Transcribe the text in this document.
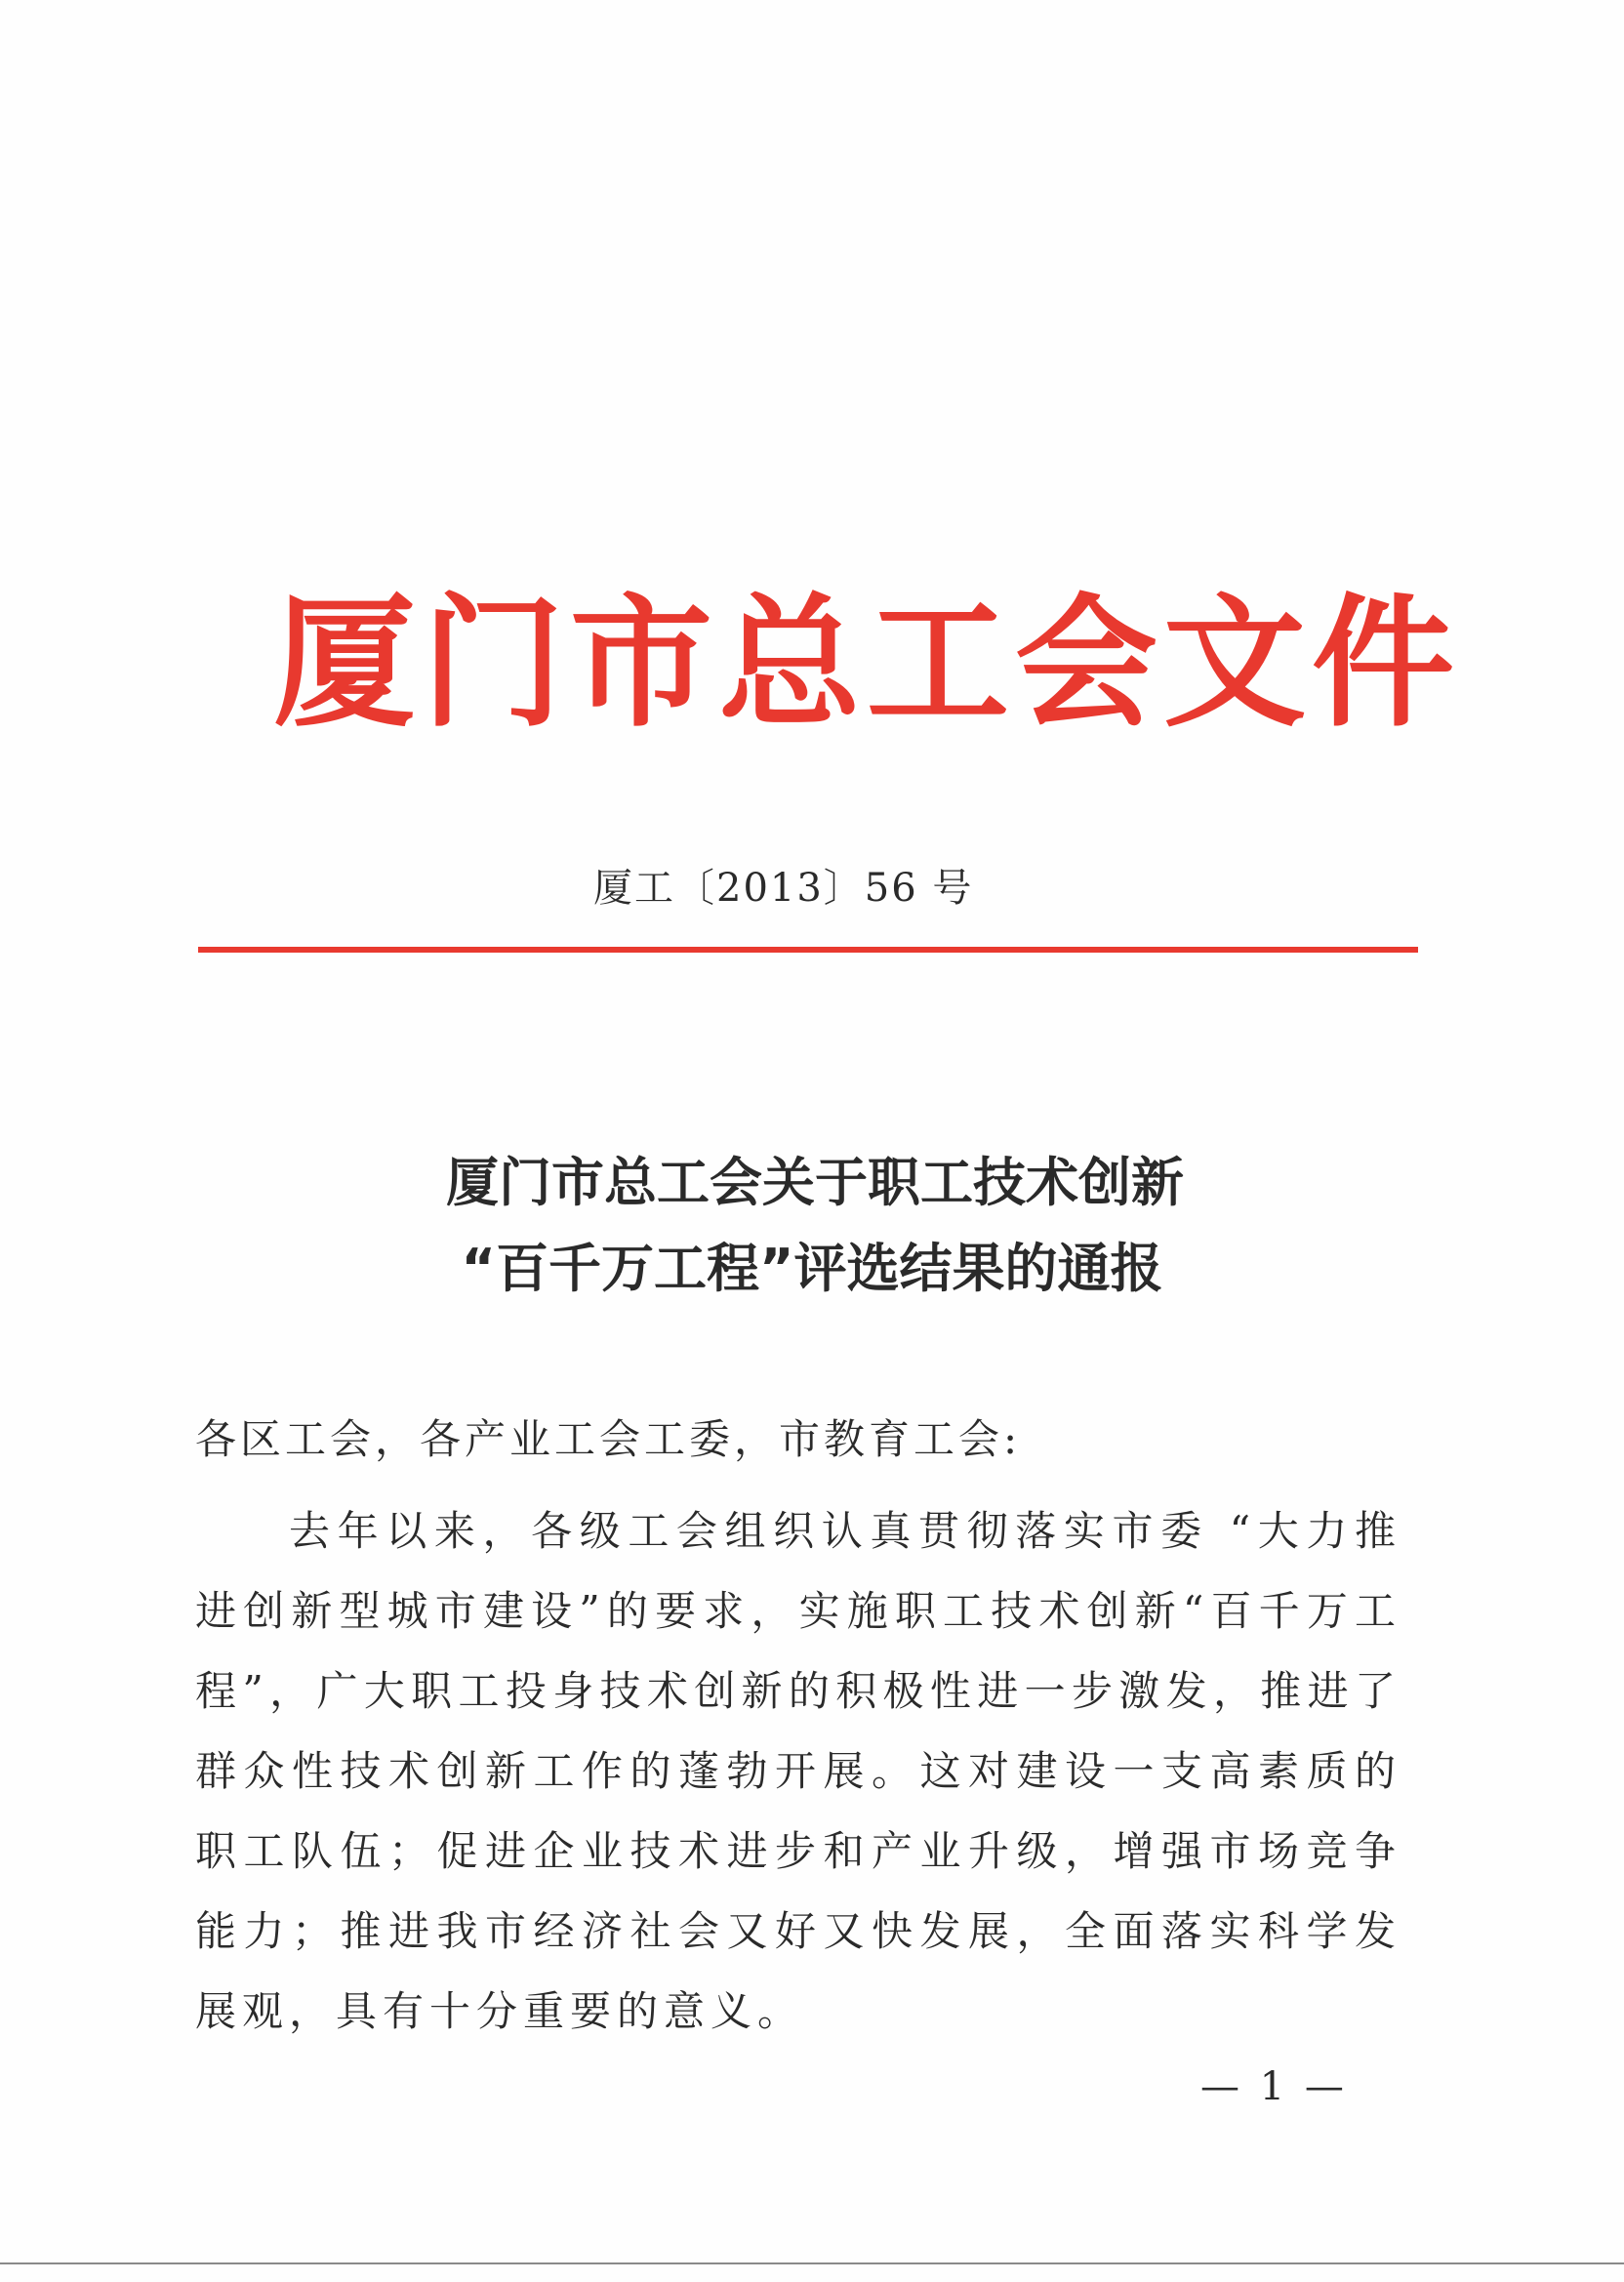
厦门市总工会文件
厦工〔2013〕56 号
厦门市总工会关于职工技术创新
“百千万工程”评选结果的通报
各区工会，各产业工会工委，市教育工会:
去年以来，各级工会组织认真贯彻落实市委 “大力推进创新型城市建设”的要求，实施职工技术创新“百千万工程”，广大职工投身技术创新的积极性进一步激发，推进了群众性技术创新工作的蓬勃开展。这对建设一支高素质的职工队伍；促进企业技术进步和产业升级，增强市场竞争能力；推进我市经济社会又好又快发展，全面落实科学发展观，具有十分重要的意义。
— 1 —
